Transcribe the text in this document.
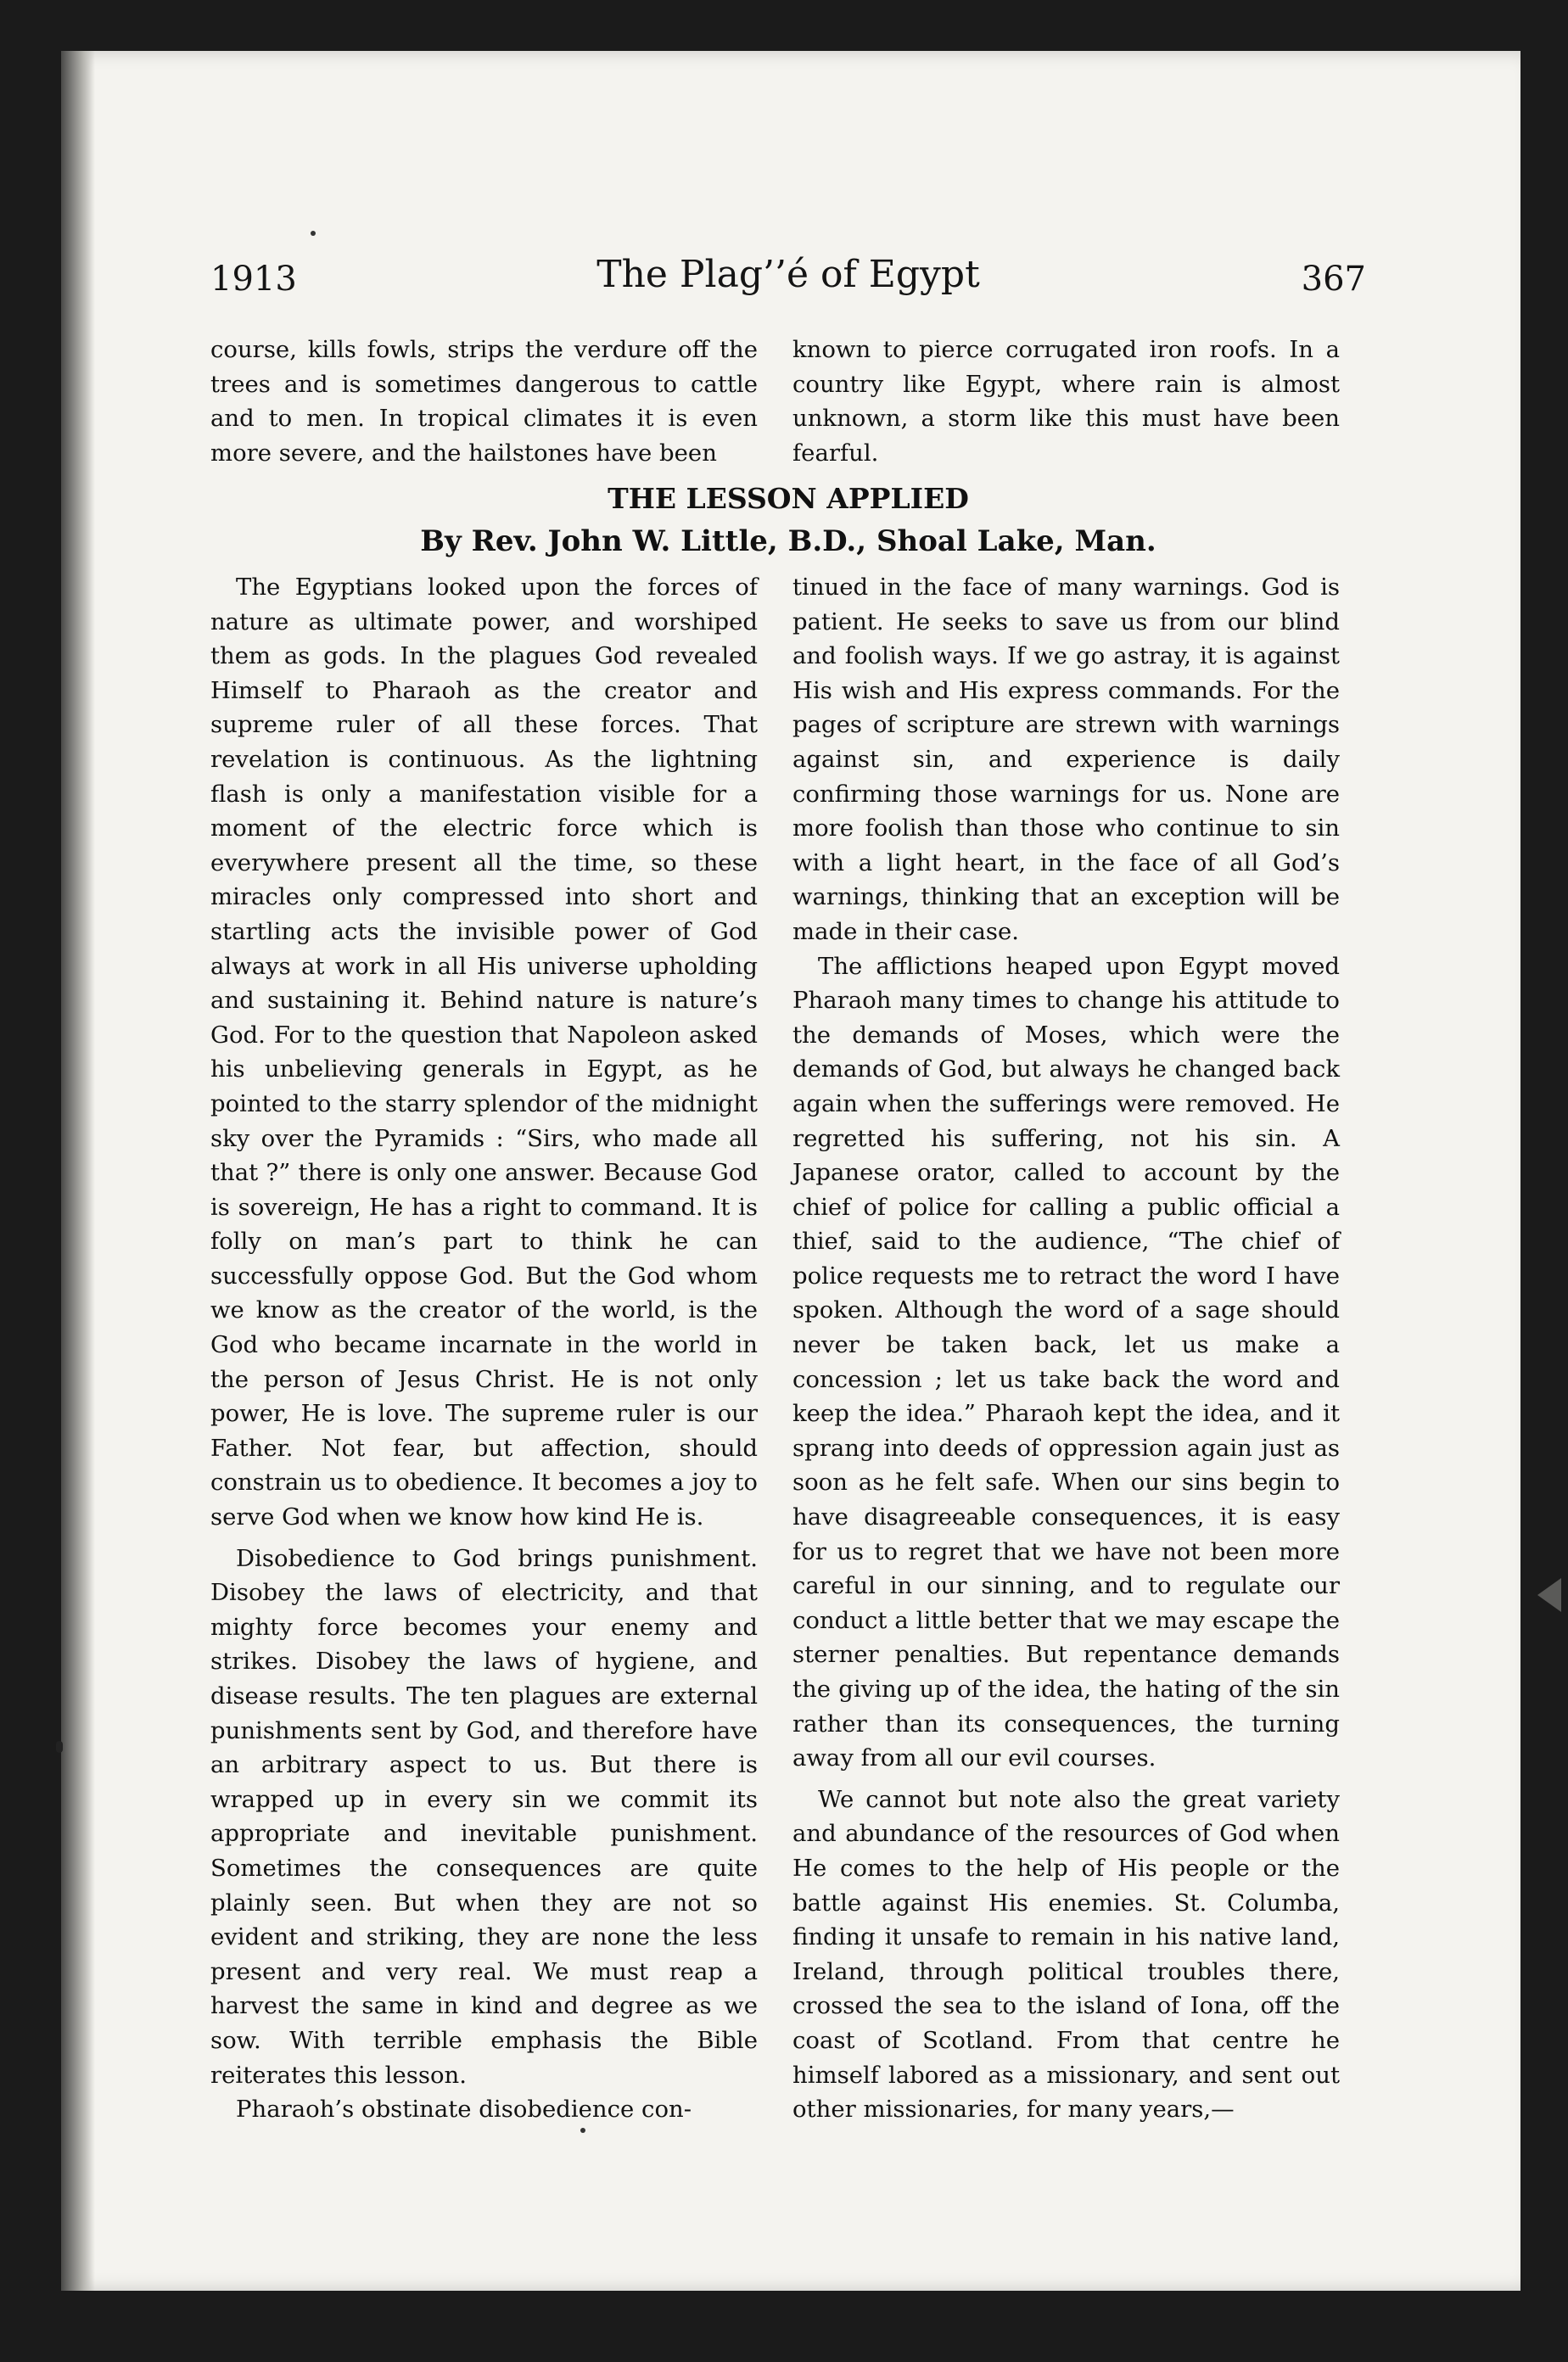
1913	The Plag’’é of Egypt	367

course, kills fowls, strips the verdure off the trees and is sometimes dangerous to cattle and to men. In tropical climates it is even more severe, and the hailstones have been

known to pierce corrugated iron roofs. In a country like Egypt, where rain is almost unknown, a storm like this must have been fearful.

THE LESSON APPLIED
By Rev. John W. Little, B.D., Shoal Lake, Man.

The Egyptians looked upon the forces of nature as ultimate power, and worshiped them as gods. In the plagues God revealed Himself to Pharaoh as the creator and supreme ruler of all these forces. That revelation is continuous. As the lightning flash is only a manifestation visible for a moment of the electric force which is everywhere present all the time, so these miracles only compressed into short and startling acts the invisible power of God always at work in all His universe upholding and sustaining it. Behind nature is nature’s God. For to the question that Napoleon asked his unbelieving generals in Egypt, as he pointed to the starry splendor of the midnight sky over the Pyramids : “Sirs, who made all that ?” there is only one answer. Because God is sovereign, He has a right to command. It is folly on man’s part to think he can successfully oppose God. But the God whom we know as the creator of the world, is the God who became incarnate in the world in the person of Jesus Christ. He is not only power, He is love. The supreme ruler is our Father. Not fear, but affection, should constrain us to obedience. It becomes a joy to serve God when we know how kind He is.

Disobedience to God brings punishment. Disobey the laws of electricity, and that mighty force becomes your enemy and strikes. Disobey the laws of hygiene, and disease results. The ten plagues are external punishments sent by God, and therefore have an arbitrary aspect to us. But there is wrapped up in every sin we commit its appropriate and inevitable punishment. Sometimes the consequences are quite plainly seen. But when they are not so evident and striking, they are none the less present and very real. We must reap a harvest the same in kind and degree as we sow. With terrible emphasis the Bible reiterates this lesson.

Pharaoh’s obstinate disobedience con-

tinued in the face of many warnings. God is patient. He seeks to save us from our blind and foolish ways. If we go astray, it is against His wish and His express commands. For the pages of scripture are strewn with warnings against sin, and experience is daily confirming those warnings for us. None are more foolish than those who continue to sin with a light heart, in the face of all God’s warnings, thinking that an exception will be made in their case.

The afflictions heaped upon Egypt moved Pharaoh many times to change his attitude to the demands of Moses, which were the demands of God, but always he changed back again when the sufferings were removed. He regretted his suffering, not his sin. A Japanese orator, called to account by the chief of police for calling a public official a thief, said to the audience, “The chief of police requests me to retract the word I have spoken. Although the word of a sage should never be taken back, let us make a concession ; let us take back the word and keep the idea.” Pharaoh kept the idea, and it sprang into deeds of oppression again just as soon as he felt safe. When our sins begin to have disagreeable consequences, it is easy for us to regret that we have not been more careful in our sinning, and to regulate our conduct a little better that we may escape the sterner penalties. But repentance demands the giving up of the idea, the hating of the sin rather than its consequences, the turning away from all our evil courses.

We cannot but note also the great variety and abundance of the resources of God when He comes to the help of His people or the battle against His enemies. St. Columba, finding it unsafe to remain in his native land, Ireland, through political troubles there, crossed the sea to the island of Iona, off the coast of Scotland. From that centre he himself labored as a missionary, and sent out other missionaries, for many years,—
